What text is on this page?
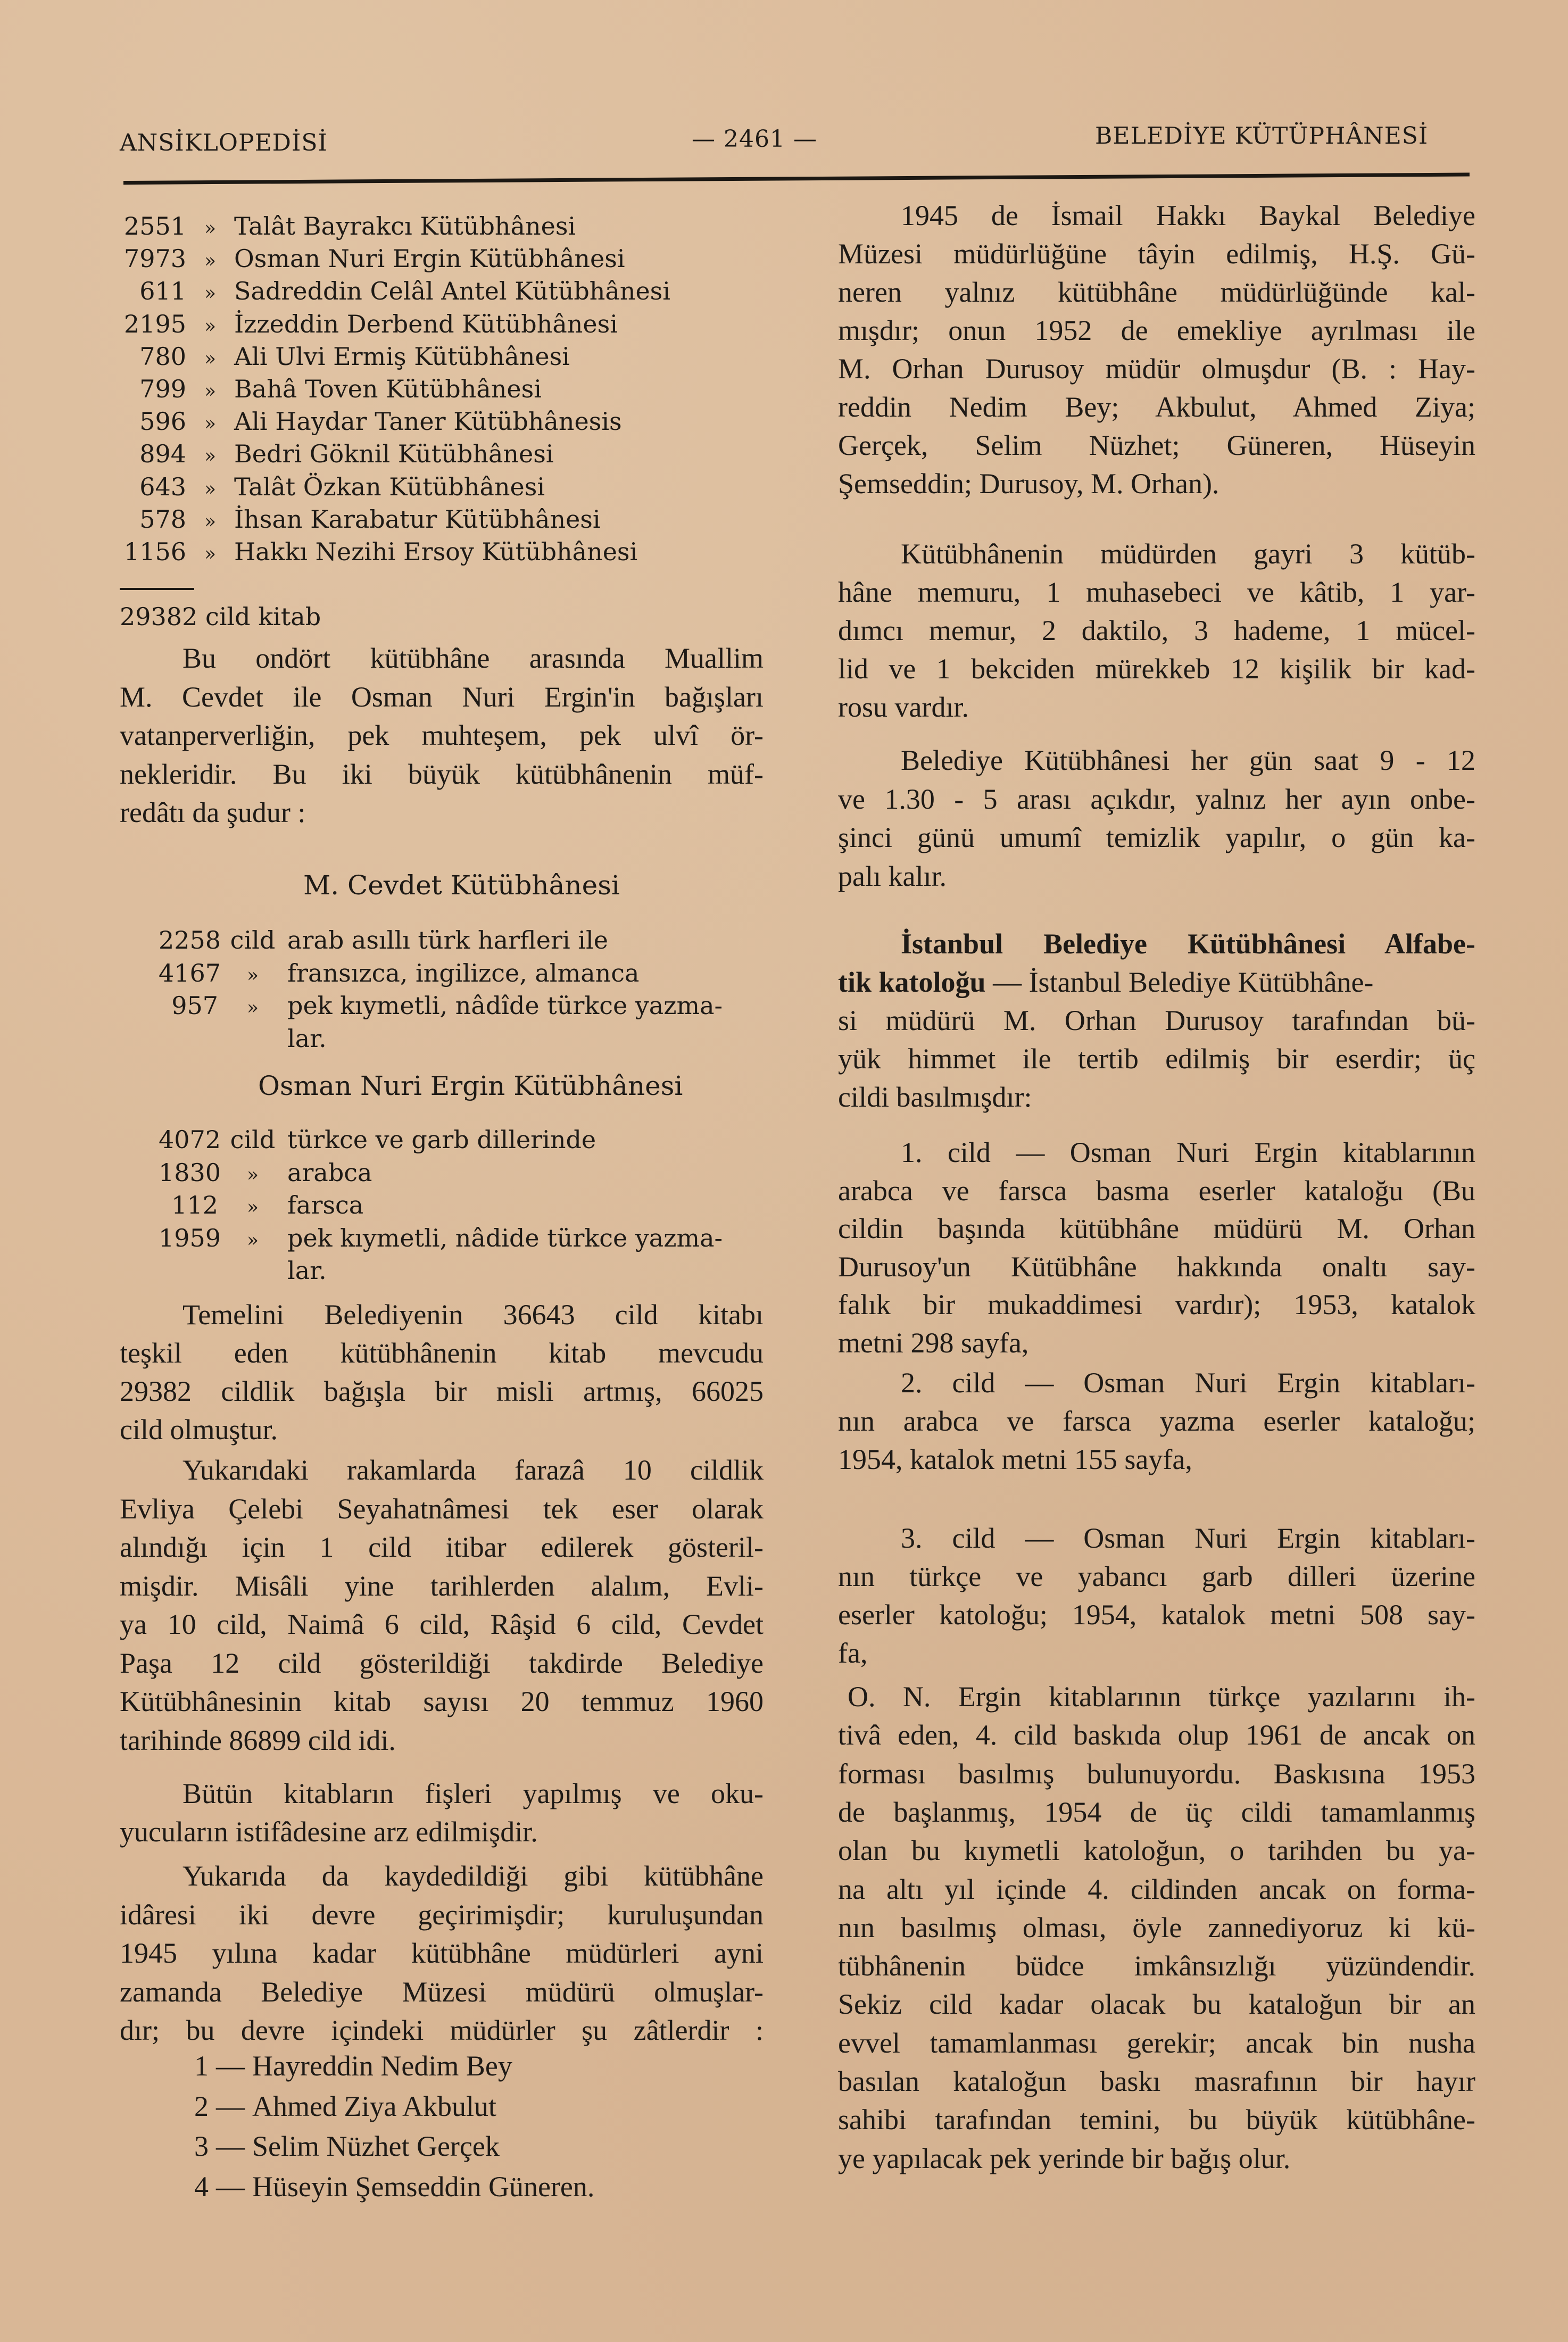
ANSİKLOPEDİSİ	— 2461 —	BELEDİYE KÜTÜPHÂNESİ
2551 » Talât Bayrakcı Kütübhânesi
7973 » Osman Nuri Ergin Kütübhânesi
611 » Sadreddin Celâl Antel Kütübhânesi
2195 » İzzeddin Derbend Kütübhânesi
780 » Ali Ulvi Ermiş Kütübhânesi
799 » Bahâ Toven Kütübhânesi
596 » Ali Haydar Taner Kütübhânesis
894 » Bedri Göknil Kütübhânesi
643 » Talât Özkan Kütübhânesi
578 » İhsan Karabatur Kütübhânesi
1156 » Hakkı Nezihi Ersoy Kütübhânesi
29382 cild kitab
Bu ondört kütübhâne arasında Muallim
M. Cevdet ile Osman Nuri Ergin'in bağışları
vatanperverliğin, pek muhteşem, pek ulvî ör-
nekleridir. Bu iki büyük kütübhânenin müf-
redâtı da şudur :
M. Cevdet Kütübhânesi
2258 cild arab asıllı türk harfleri ile
4167 » fransızca, ingilizce, almanca
957 » pek kıymetli, nâdîde türkce yazma-
lar.
Osman Nuri Ergin Kütübhânesi
4072 cild türkce ve garb dillerinde
1830 » arabca
112 » farsca
1959 » pek kıymetli, nâdide türkce yazma-
lar.
Temelini Belediyenin 36643 cild kitabı
teşkil eden kütübhânenin kitab mevcudu
29382 cildlik bağışla bir misli artmış, 66025
cild olmuştur.
Yukarıdaki rakamlarda farazâ 10 cildlik
Evliya Çelebi Seyahatnâmesi tek eser olarak
alındığı için 1 cild itibar edilerek gösteril-
mişdir. Misâli yine tarihlerden alalım, Evli-
ya 10 cild, Naimâ 6 cild, Râşid 6 cild, Cevdet
Paşa 12 cild gösterildiği takdirde Belediye
Kütübhânesinin kitab sayısı 20 temmuz 1960
tarihinde 86899 cild idi.
Bütün kitabların fişleri yapılmış ve oku-
yucuların istifâdesine arz edilmişdir.
Yukarıda da kaydedildiği gibi kütübhâne
idâresi iki devre geçirimişdir; kuruluşundan
1945 yılına kadar kütübhâne müdürleri ayni
zamanda Belediye Müzesi müdürü olmuşlar-
dır; bu devre içindeki müdürler şu zâtlerdir :
1 — Hayreddin Nedim Bey
2 — Ahmed Ziya Akbulut
3 — Selim Nüzhet Gerçek
4 — Hüseyin Şemseddin Güneren.
1945 de İsmail Hakkı Baykal Belediye
Müzesi müdürlüğüne tâyin edilmiş, H.Ş. Gü-
neren yalnız kütübhâne müdürlüğünde kal-
mışdır; onun 1952 de emekliye ayrılması ile
M. Orhan Durusoy müdür olmuşdur (B. : Hay-
reddin Nedim Bey; Akbulut, Ahmed Ziya;
Gerçek, Selim Nüzhet; Güneren, Hüseyin
Şemseddin; Durusoy, M. Orhan).
Kütübhânenin müdürden gayri 3 kütüb-
hâne memuru, 1 muhasebeci ve kâtib, 1 yar-
dımcı memur, 2 daktilo, 3 hademe, 1 mücel-
lid ve 1 bekciden mürekkeb 12 kişilik bir kad-
rosu vardır.
Belediye Kütübhânesi her gün saat 9 - 12
ve 1.30 - 5 arası açıkdır, yalnız her ayın onbe-
şinci günü umumî temizlik yapılır, o gün ka-
palı kalır.
İstanbul Belediye Kütübhânesi Alfabe-
tik katoloğu — İstanbul Belediye Kütübhâne-
si müdürü M. Orhan Durusoy tarafından bü-
yük himmet ile tertib edilmiş bir eserdir; üç
cildi basılmışdır:
1. cild — Osman Nuri Ergin kitablarının
arabca ve farsca basma eserler kataloğu (Bu
cildin başında kütübhâne müdürü M. Orhan
Durusoy'un Kütübhâne hakkında onaltı say-
falık bir mukaddimesi vardır); 1953, katalok
metni 298 sayfa,
2. cild — Osman Nuri Ergin kitabları-
nın arabca ve farsca yazma eserler kataloğu;
1954, katalok metni 155 sayfa,
3. cild — Osman Nuri Ergin kitabları-
nın türkçe ve yabancı garb dilleri üzerine
eserler katoloğu; 1954, katalok metni 508 say-
fa,
O. N. Ergin kitablarının türkçe yazılarını ih-
tivâ eden, 4. cild baskıda olup 1961 de ancak on
forması basılmış bulunuyordu. Baskısına 1953
de başlanmış, 1954 de üç cildi tamamlanmış
olan bu kıymetli katoloğun, o tarihden bu ya-
na altı yıl içinde 4. cildinden ancak on forma-
nın basılmış olması, öyle zannediyoruz ki kü-
tübhânenin büdce imkânsızlığı yüzündendir.
Sekiz cild kadar olacak bu kataloğun bir an
evvel tamamlanması gerekir; ancak bin nusha
basılan kataloğun baskı masrafının bir hayır
sahibi tarafından temini, bu büyük kütübhâne-
ye yapılacak pek yerinde bir bağış olur.
